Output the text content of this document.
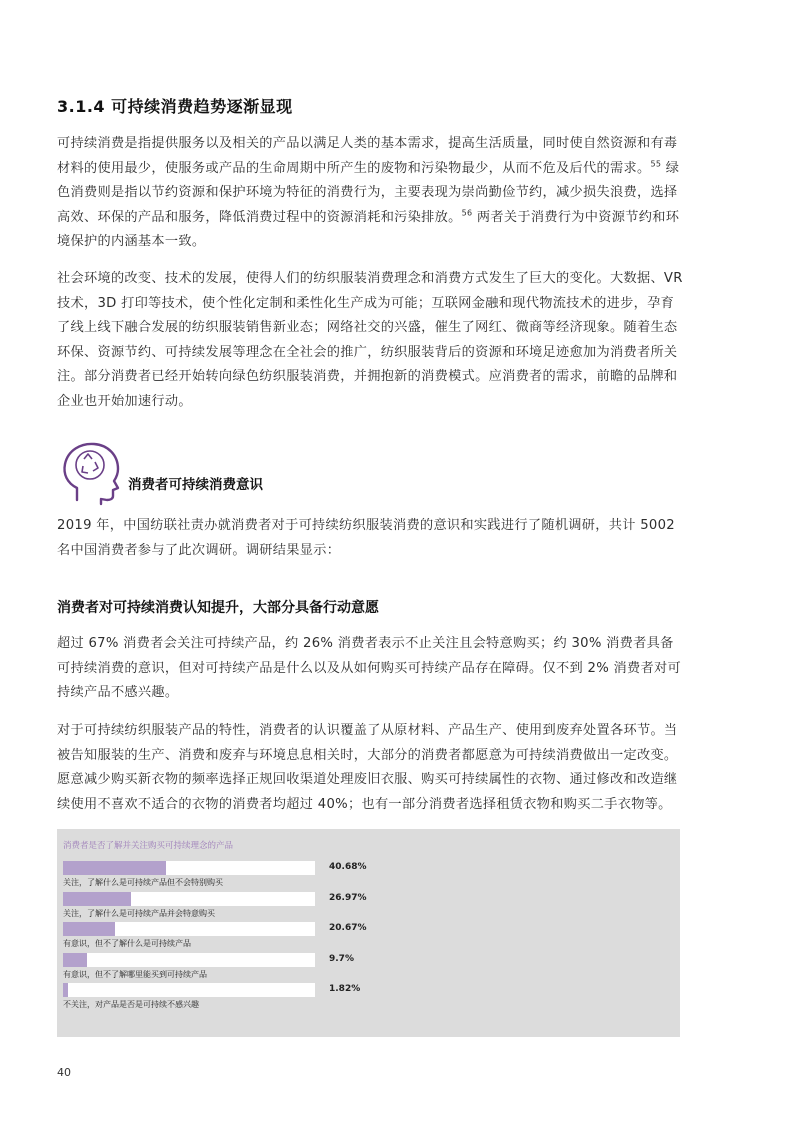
3.1.4 可持续消费趋势逐渐显现
可持续消费是指提供服务以及相关的产品以满足人类的基本需求，提高生活质量，同时使自然资源和有毒材料的使用最少，使服务或产品的生命周期中所产生的废物和污染物最少，从而不危及后代的需求。$^{55}$ 绿色消费则是指以节约资源和保护环境为特征的消费行为，主要表现为崇尚勤俭节约，减少损失浪费，选择高效、环保的产品和服务，降低消费过程中的资源消耗和污染排放。$^{56}$ 两者关于消费行为中资源节约和环境保护的内涵基本一致。
社会环境的改变、技术的发展，使得人们的纺织服装消费理念和消费方式发生了巨大的变化。大数据、VR 技术，3D 打印等技术，使个性化定制和柔性化生产成为可能；互联网金融和现代物流技术的进步，孕育了线上线下融合发展的纺织服装销售新业态；网络社交的兴盛，催生了网红、微商等经济现象。随着生态环保、资源节约、可持续发展等理念在全社会的推广，纺织服装背后的资源和环境足迹愈加为消费者所关注。部分消费者已经开始转向绿色纺织服装消费，并拥抱新的消费模式。应消费者的需求，前瞻的品牌和企业也开始加速行动。
消费者可持续消费意识
2019 年，中国纺联社责办就消费者对于可持续纺织服装消费的意识和实践进行了随机调研，共计 5002 名中国消费者参与了此次调研。调研结果显示：
消费者对可持续消费认知提升，大部分具备行动意愿
超过 67% 消费者会关注可持续产品，约 26% 消费者表示不止关注且会特意购买；约 30% 消费者具备可持续消费的意识，但对可持续产品是什么以及从如何购买可持续产品存在障碍。仅不到 2% 消费者对可持续产品不感兴趣。
对于可持续纺织服装产品的特性，消费者的认识覆盖了从原材料、产品生产、使用到废弃处置各环节。当被告知服装的生产、消费和废弃与环境息息相关时，大部分的消费者都愿意为可持续消费做出一定改变。愿意减少购买新衣物的频率选择正规回收渠道处理废旧衣服、购买可持续属性的衣物、通过修改和改造继续使用不喜欢不适合的衣物的消费者均超过 40%；也有一部分消费者选择租赁衣物和购买二手衣物等。
消费者是否了解并关注购买可持续理念的产品
40.68%
关注，了解什么是可持续产品但不会特别购买
26.97%
关注，了解什么是可持续产品并会特意购买
20.67%
有意识，但不了解什么是可持续产品
9.7%
有意识，但不了解哪里能买到可持续产品
1.82%
不关注，对产品是否是可持续不感兴趣
40
